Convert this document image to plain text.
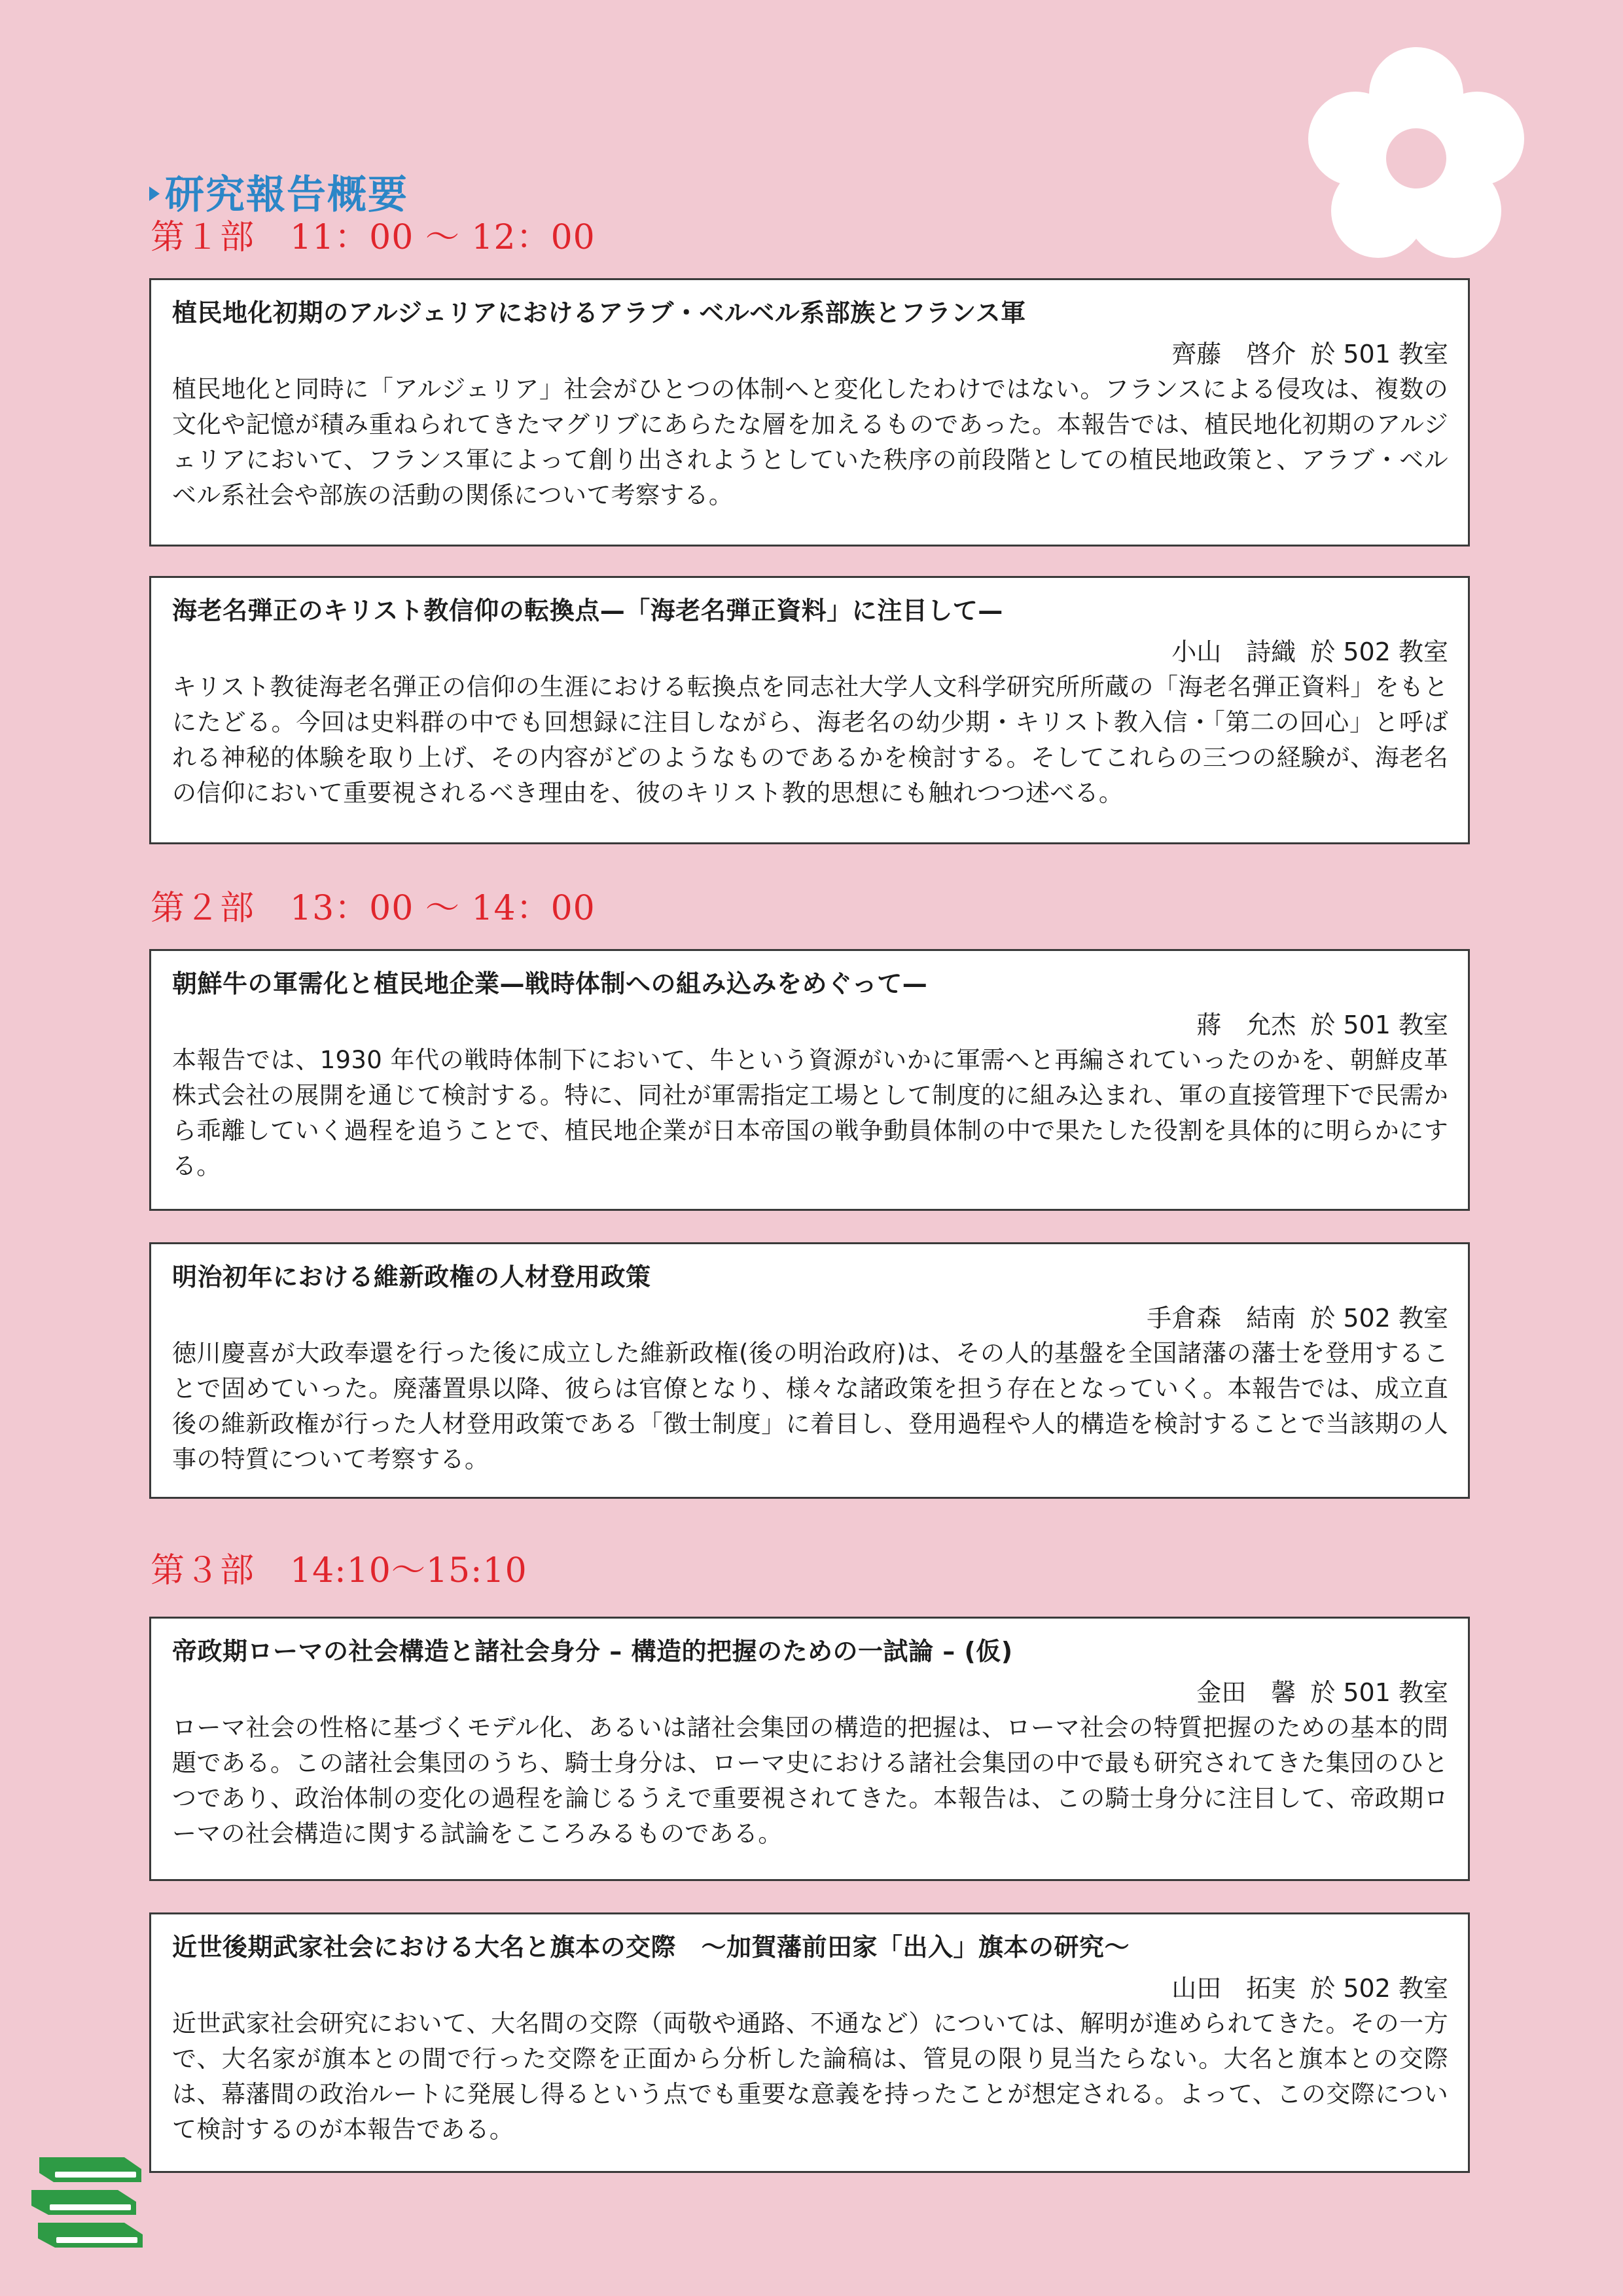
研究報告概要
第１部 11：00 〜 12：00
植民地化初期のアルジェリアにおけるアラブ・ベルベル系部族とフランス軍
齊藤　啓介 於 501 教室
植民地化と同時に「アルジェリア」社会がひとつの体制へと変化したわけではない。フランスによる侵攻は、複数の文化や記憶が積み重ねられてきたマグリブにあらたな層を加えるものであった。本報告では、植民地化初期のアルジェリアにおいて、フランス軍によって創り出されようとしていた秩序の前段階としての植民地政策と、アラブ・ベルベル系社会や部族の活動の関係について考察する。
海老名弾正のキリスト教信仰の転換点—「海老名弾正資料」に注目して—
小山　詩織 於 502 教室
キリスト教徒海老名弾正の信仰の生涯における転換点を同志社大学人文科学研究所所蔵の「海老名弾正資料」をもとにたどる。今回は史料群の中でも回想録に注目しながら、海老名の幼少期・キリスト教入信・「第二の回心」と呼ばれる神秘的体験を取り上げ、その内容がどのようなものであるかを検討する。そしてこれらの三つの経験が、海老名の信仰において重要視されるべき理由を、彼のキリスト教的思想にも触れつつ述べる。
第２部 13：00 〜 14：00
朝鮮牛の軍需化と植民地企業—戦時体制への組み込みをめぐって—
蔣　允杰 於 501 教室
本報告では、1930 年代の戦時体制下において、牛という資源がいかに軍需へと再編されていったのかを、朝鮮皮革株式会社の展開を通じて検討する。特に、同社が軍需指定工場として制度的に組み込まれ、軍の直接管理下で民需から乖離していく過程を追うことで、植民地企業が日本帝国の戦争動員体制の中で果たした役割を具体的に明らかにする。
明治初年における維新政権の人材登用政策
手倉森　結南 於 502 教室
徳川慶喜が大政奉還を行った後に成立した維新政権(後の明治政府)は、その人的基盤を全国諸藩の藩士を登用することで固めていった。廃藩置県以降、彼らは官僚となり、様々な諸政策を担う存在となっていく。本報告では、成立直後の維新政権が行った人材登用政策である「徴士制度」に着目し、登用過程や人的構造を検討することで当該期の人事の特質について考察する。
第３部 14:10〜15:10
帝政期ローマの社会構造と諸社会身分 – 構造的把握のための一試論 – (仮)
金田　馨 於 501 教室
ローマ社会の性格に基づくモデル化、あるいは諸社会集団の構造的把握は、ローマ社会の特質把握のための基本的問題である。この諸社会集団のうち、騎士身分は、ローマ史における諸社会集団の中で最も研究されてきた集団のひとつであり、政治体制の変化の過程を論じるうえで重要視されてきた。本報告は、この騎士身分に注目して、帝政期ローマの社会構造に関する試論をこころみるものである。
近世後期武家社会における大名と旗本の交際　〜加賀藩前田家「出入」旗本の研究〜
山田　拓実 於 502 教室
近世武家社会研究において、大名間の交際（両敬や通路、不通など）については、解明が進められてきた。その一方で、大名家が旗本との間で行った交際を正面から分析した論稿は、管見の限り見当たらない。大名と旗本との交際は、幕藩間の政治ルートに発展し得るという点でも重要な意義を持ったことが想定される。よって、この交際について検討するのが本報告である。
